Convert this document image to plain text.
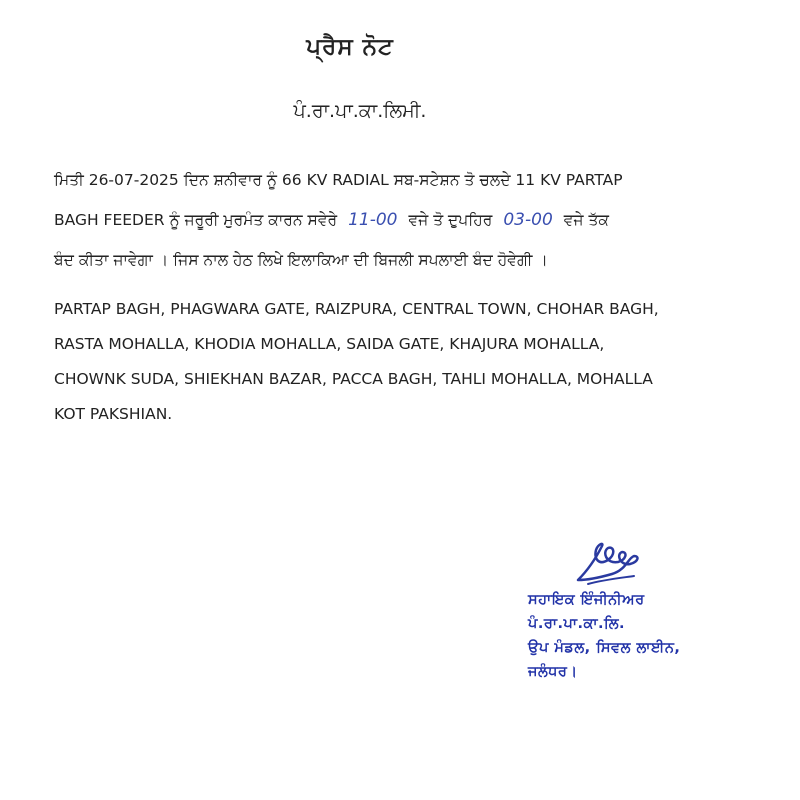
ਪ੍ਰੈਸ ਨੋਟ
ਪੰ.ਰਾ.ਪਾ.ਕਾ.ਲਿਮੀ.
ਮਿਤੀ 26-07-2025 ਦਿਨ ਸ਼ਨੀਵਾਰ ਨੂੰ 66 KV RADIAL ਸਬ-ਸਟੇਸ਼ਨ ਤੋ ਚਲਦੇ 11 KV PARTAP
BAGH FEEDER ਨੂੰ ਜਰੂਰੀ ਮੁਰਮੰਤ ਕਾਰਨ ਸਵੇਰੇ 11-00 ਵਜੇ ਤੋ ਦੁਪਹਿਰ 03-00 ਵਜੇ ਤੱਕ
ਬੰਦ ਕੀਤਾ ਜਾਵੇਗਾ । ਜਿਸ ਨਾਲ ਹੇਠ ਲਿਖੇ ਇਲਾਕਿਆ ਦੀ ਬਿਜਲੀ ਸਪਲਾਈ ਬੰਦ ਹੋਵੇਗੀ ।
PARTAP BAGH, PHAGWARA GATE, RAIZPURA, CENTRAL TOWN, CHOHAR BAGH,
RASTA MOHALLA, KHODIA MOHALLA, SAIDA GATE, KHAJURA MOHALLA,
CHOWNK SUDA, SHIEKHAN BAZAR, PACCA BAGH, TAHLI MOHALLA, MOHALLA
KOT PAKSHIAN.
ਸਹਾਇਕ ਇੰਜੀਨੀਅਰ
ਪੰ.ਰਾ.ਪਾ.ਕਾ.ਲਿ.
ਉਪ ਮੰਡਲ, ਸਿਵਲ ਲਾਈਨ,
ਜਲੰਧਰ।
